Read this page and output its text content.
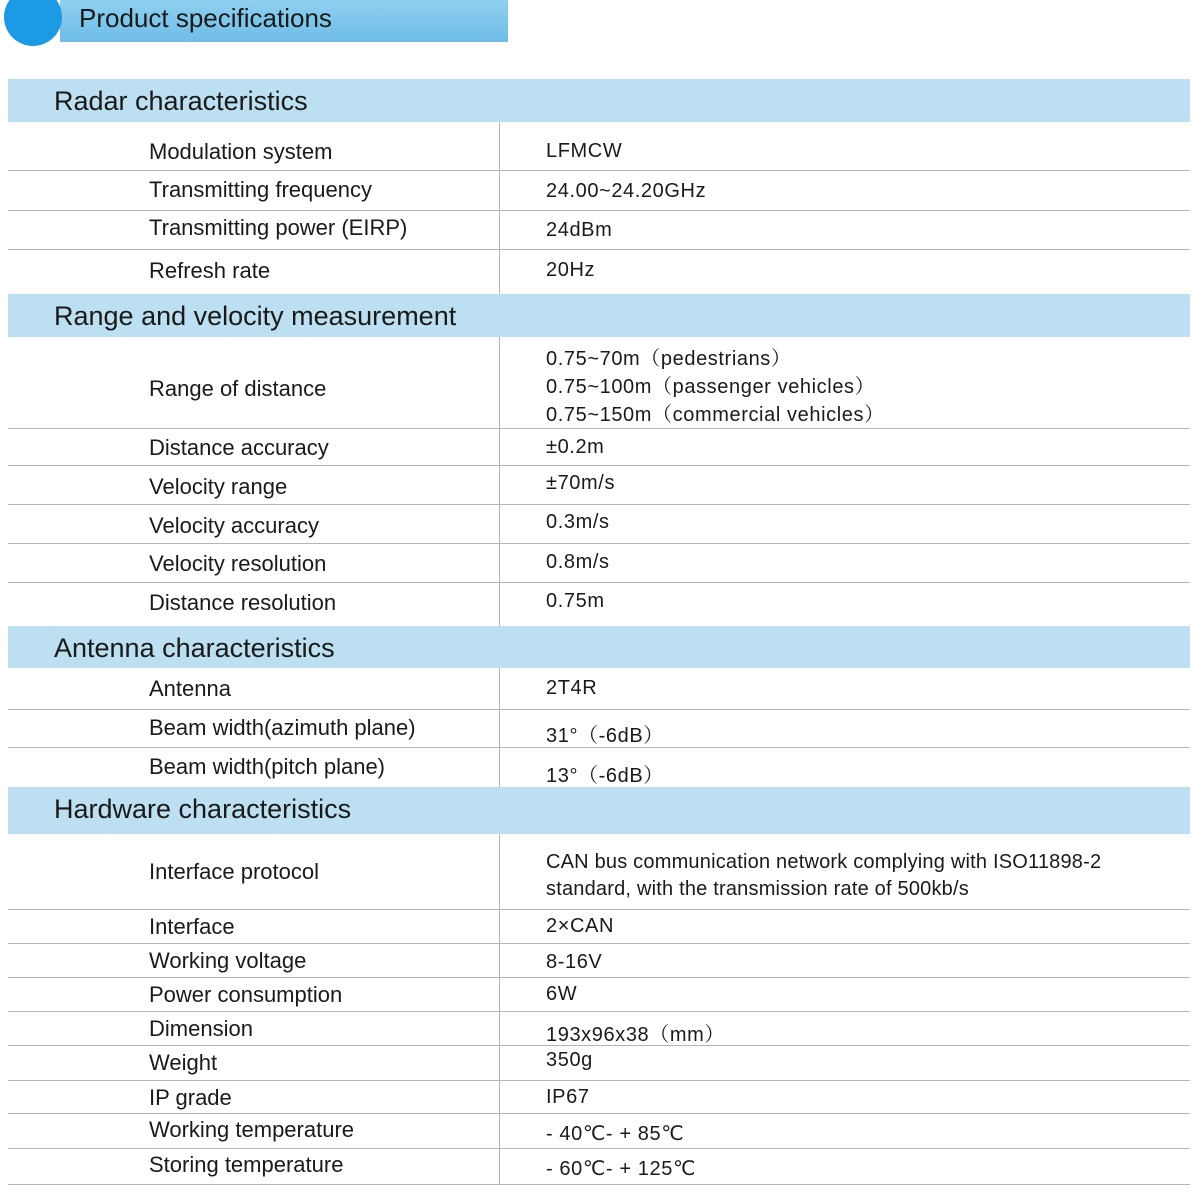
Product specifications
Radar characteristics
Modulation system	LFMCW
Transmitting frequency	24.00~24.20GHz
Transmitting power (EIRP)	24dBm
Refresh rate	20Hz
Range and velocity measurement
Range of distance
0.75~70m（pedestrians）
0.75~100m（passenger vehicles）
0.75~150m（commercial vehicles）
Distance accuracy	±0.2m
Velocity range	±70m/s
Velocity accuracy	0.3m/s
Velocity resolution	0.8m/s
Distance resolution	0.75m
Antenna characteristics
Antenna	2T4R
Beam width(azimuth plane)	31°（-6dB）
Beam width(pitch plane)	13°（-6dB）
Hardware characteristics
Interface protocol	CAN bus communication network complying with ISO11898-2
standard, with the transmission rate of 500kb/s
Interface	2×CAN
Working voltage	8-16V
Power consumption	6W
Dimension	193x96x38（mm）
Weight	350g
IP grade	IP67
Working temperature	- 40℃- + 85℃
Storing temperature	- 60℃- + 125℃
